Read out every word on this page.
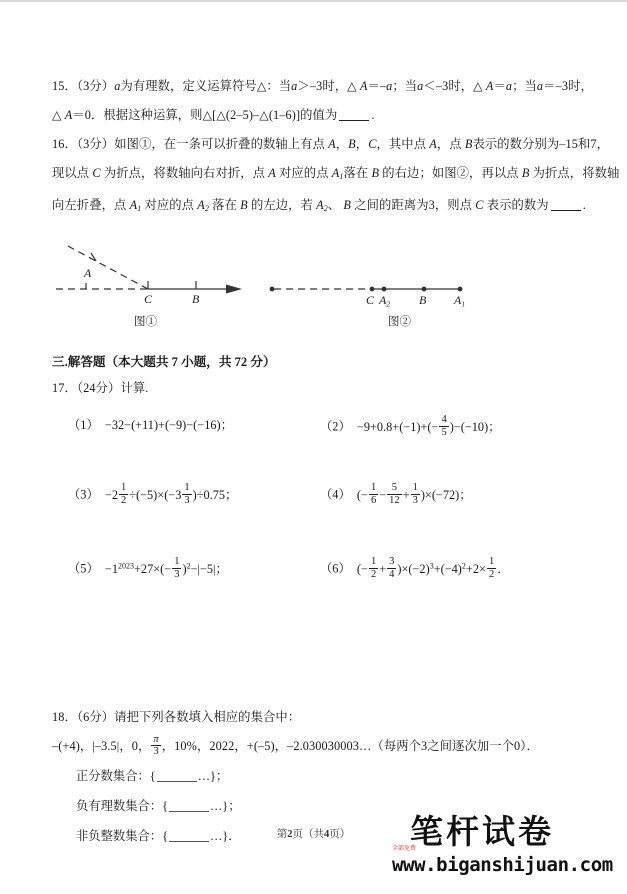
15．（3分）a为有理数，定义运算符号△：当a＞–3时，△ A＝–a；当a＜–3时，△ A＝a；当a＝–3时，
△ A＝0．根据这种运算，则△[△(2–5)–△(1–6)]的值为	.
16．（3分）如图①，在一条可以折叠的数轴上有点 A，B，C，其中点 A，点 B表示的数分别为–15和7，
现以点 C 为折点，将数轴向右对折，点 A 对应的点 $A_1$落在 B 的右边；如图②，再以点 B 为折点，将数轴
向左折叠，点 $A_1$ 对应的点 $A_2$ 落在 B 的左边，若 $A_2$、 B 之间的距离为3，则点 C 表示的数为	.
A
C	B
图①
C $A_2$ B $A_1$
图②
三.解答题（本大题共 7 小题，共 72 分）
17．（24分）计算.
（1）  −32−(+11)+(−9)−(−16)；	$(2) -9+0.8+(-1)+(- \frac{4}{5} )-(-10)$；
$(3) -2 \frac{1}{2} \div(-5)\times(-3 \frac{1}{3} )\div 0.75$；	（4）  (− $\frac{1}{6} - \frac{5}{12} + \frac{1}{3} )\times(-72)$；
$(5) -1^{2023}+27\times(- \frac{1}{3} )^2-|-5|$；	（6）  (− $\frac{1}{2} + \frac{3}{4} )\times(-2)^3+(-4)^2+2\times \frac{1}{2}$ ．
18．（6分）请把下列各数填入相应的集合中：
–(+4)，|–3.5|，0， $\frac{\pi}{3}$ ，10%，2022，+(–5)，–2.030030003…（每两个3之间逐次加一个0）．
正分数集合：{	…}；
负有理数集合：{	…}；
非负整数集合：{	…}．	第2页（共4页）	笔杆试卷
全部免费
www.biganshijuan.com
